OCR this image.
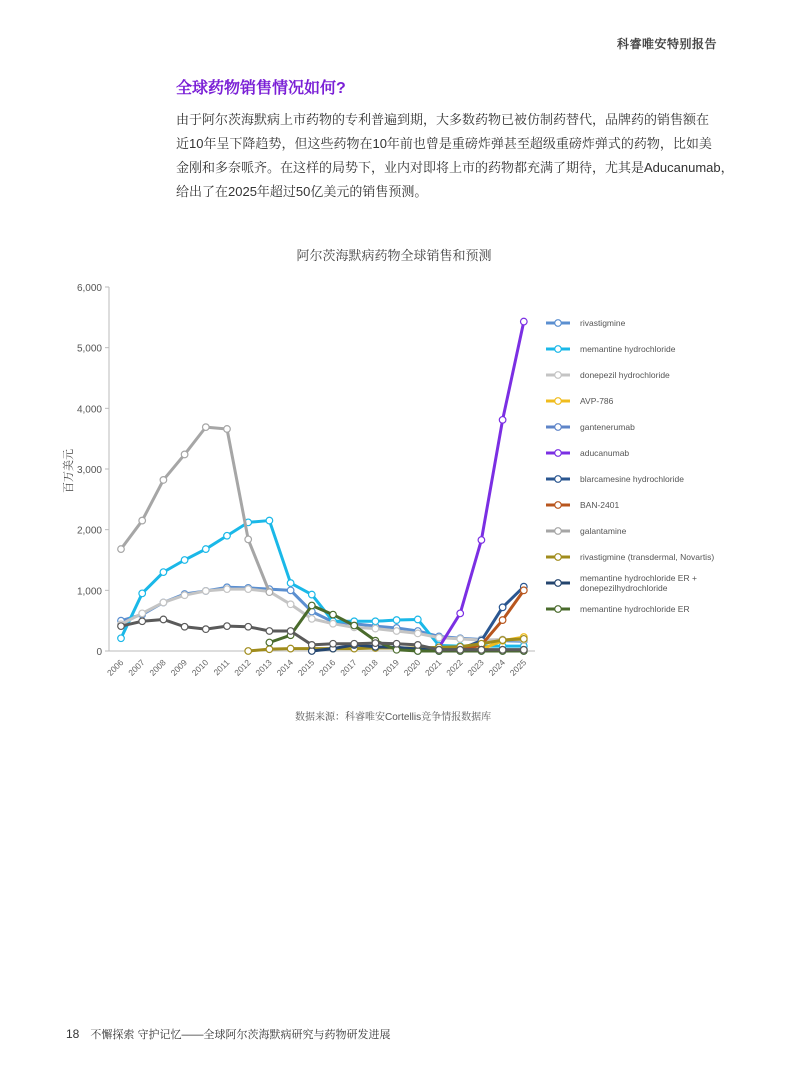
科睿唯安特别报告
全球药物销售情况如何?
由于阿尔茨海默病上市药物的专利普遍到期，大多数药物已被仿制药替代，品牌药的销售额在
近10年呈下降趋势，但这些药物在10年前也曾是重磅炸弹甚至超级重磅炸弹式的药物，比如美
金刚和多奈哌齐。在这样的局势下，业内对即将上市的药物都充满了期待，尤其是Aducanumab，
给出了在2025年超过50亿美元的销售预测。
阿尔茨海默病药物全球销售和预测
百万美元
0
1,000
2,000
3,000
4,000
5,000
6,000
2006 2007 2008 2009 2010 2011 2012 2013 2014 2015 2016 2017 2018 2019 2020 2021 2022 2023 2024 2025
rivastigmine
memantine hydrochloride
donepezil hydrochloride
AVP-786
gantenerumab
aducanumab
blarcamesine hydrochloride
BAN-2401
galantamine
rivastigmine (transdermal, Novartis)
memantine hydrochloride ER +
donepezilhydrochloride
memantine hydrochloride ER
数据来源：科睿唯安Cortellis竞争情报数据库
18 不懈探索 守护记忆——全球阿尔茨海默病研究与药物研发进展
